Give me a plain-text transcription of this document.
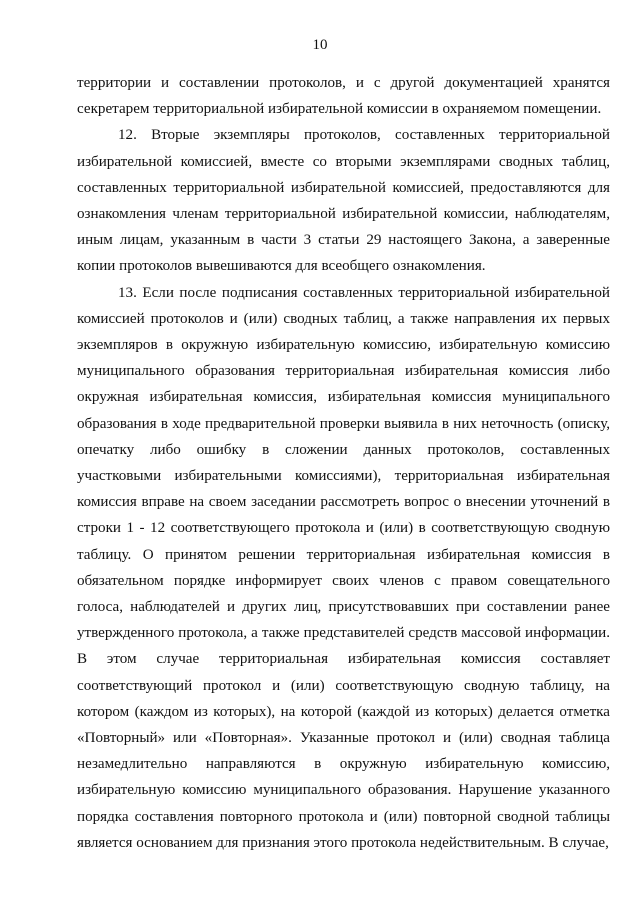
10

территории и составлении протоколов, и с другой документацией хранятся секретарем территориальной избирательной комиссии в охраняемом помещении.

12. Вторые экземпляры протоколов, составленных территориальной избирательной комиссией, вместе со вторыми экземплярами сводных таблиц, составленных территориальной избирательной комиссией, предоставляются для ознакомления членам территориальной избирательной комиссии, наблюдателям, иным лицам, указанным в части 3 статьи 29 настоящего Закона, а заверенные копии протоколов вывешиваются для всеобщего ознакомления.

13. Если после подписания составленных территориальной избирательной комиссией протоколов и (или) сводных таблиц, а также направления их первых экземпляров в окружную избирательную комиссию, избирательную комиссию муниципального образования территориальная избирательная комиссия либо окружная избирательная комиссия, избирательная комиссия муниципального образования в ходе предварительной проверки выявила в них неточность (описку, опечатку либо ошибку в сложении данных протоколов, составленных участковыми избирательными комиссиями), территориальная избирательная комиссия вправе на своем заседании рассмотреть вопрос о внесении уточнений в строки 1 - 12 соответствующего протокола и (или) в соответствующую сводную таблицу. О принятом решении территориальная избирательная комиссия в обязательном порядке информирует своих членов с правом совещательного голоса, наблюдателей и других лиц, присутствовавших при составлении ранее утвержденного протокола, а также представителей средств массовой информации. В этом случае территориальная избирательная комиссия составляет соответствующий протокол и (или) соответствующую сводную таблицу, на котором (каждом из которых), на которой (каждой из которых) делается отметка «Повторный» или «Повторная». Указанные протокол и (или) сводная таблица незамедлительно направляются в окружную избирательную комиссию, избирательную комиссию муниципального образования. Нарушение указанного порядка составления повторного протокола и (или) повторной сводной таблицы является основанием для признания этого протокола недействительным. В случае,
